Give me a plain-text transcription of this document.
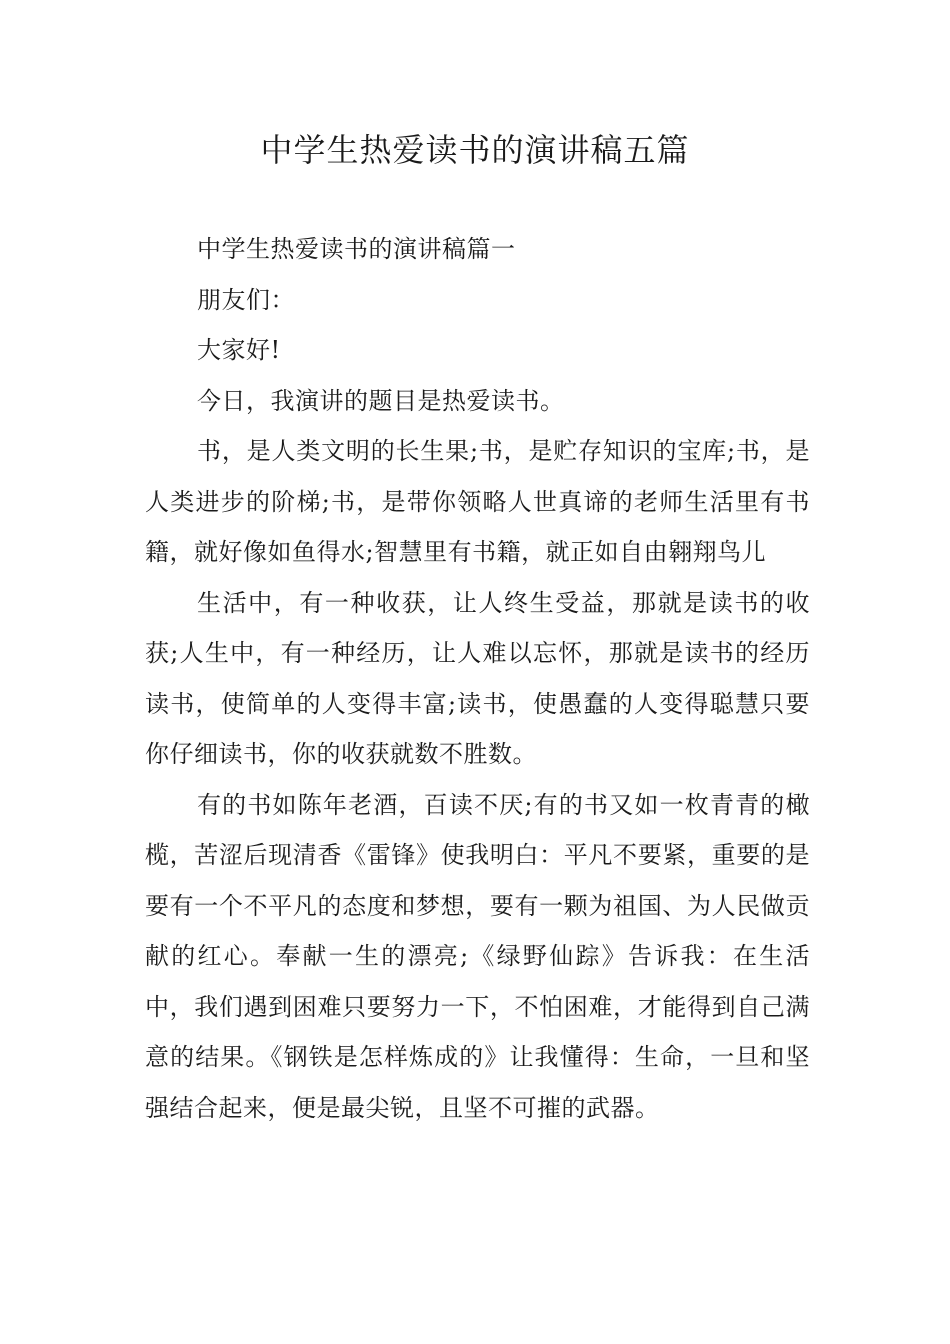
中学生热爱读书的演讲稿五篇

中学生热爱读书的演讲稿篇一

朋友们：

大家好!

今日，我演讲的题目是热爱读书。

书，是人类文明的长生果;书，是贮存知识的宝库;书，是人类进步的阶梯;书，是带你领略人世真谛的老师生活里有书籍，就好像如鱼得水;智慧里有书籍，就正如自由翱翔鸟儿

生活中，有一种收获，让人终生受益，那就是读书的收获;人生中，有一种经历，让人难以忘怀，那就是读书的经历读书，使简单的人变得丰富;读书，使愚蠢的人变得聪慧只要你仔细读书，你的收获就数不胜数。

有的书如陈年老酒，百读不厌;有的书又如一枚青青的橄榄，苦涩后现清香《雷锋》使我明白：平凡不要紧，重要的是要有一个不平凡的态度和梦想，要有一颗为祖国、为人民做贡献的红心。奉献一生的漂亮;《绿野仙踪》告诉我：在生活中，我们遇到困难只要努力一下，不怕困难，才能得到自己满意的结果。《钢铁是怎样炼成的》让我懂得：生命，一旦和坚强结合起来，便是最尖锐，且坚不可摧的武器。
